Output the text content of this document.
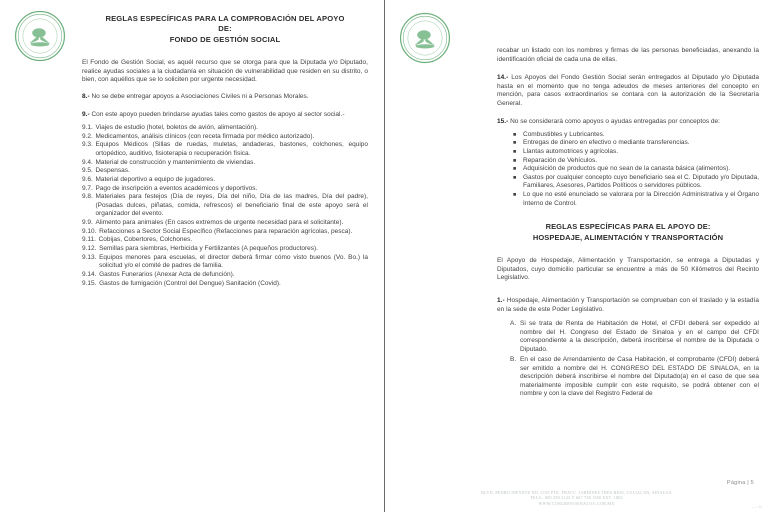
· · · · · · · ·
· · · · · · · ·
REGLAS ESPECÍFICAS PARA LA COMPROBACIÓN DEL APOYO
DE:
FONDO DE GESTIÓN SOCIAL

El Fondo de Gestión Social, es aquél recurso que se otorga para que la Diputada y/o Diputado, realice ayudas sociales a la ciudadanía en situación de vulnerabilidad que residen en su distrito, o bien, con aquéllos que se lo soliciten por urgente necesidad.

8.- No se debe entregar apoyos a Asociaciones Civiles ni a Personas Morales.

9.- Con este apoyo pueden brindarse ayudas tales como gastos de apoyo al sector social.-

9.1. Viajes de estudio (hotel, boletos de avión, alimentación).
9.2. Medicamentos, análisis clínicos (con receta firmada por médico autorizado).
9.3. Equipos Médicos (Sillas de ruedas, muletas, andaderas, bastones, colchones, equipo ortopédico, auditivo, fisioterapia o recuperación física.
9.4. Material de construcción y mantenimiento de viviendas.
9.5. Despensas.
9.6. Material deportivo a equipo de jugadores.
9.7. Pago de inscripción a eventos académicos y deportivos.
9.8. Materiales para festejos (Día de reyes, Día del niño, Día de las madres, Día del padre), (Posadas dulces, piñatas, comida, refrescos) el beneficiario final de este apoyo será el organizador del evento.
9.9. Alimento para animales (En casos extremos de urgente necesidad para el solicitante).
9.10. Refacciones a Sector Social Específico (Refacciones para reparación agrícolas, pesca).
9.11. Cobijas, Cobertores, Colchones.
9.12. Semillas para siembras, Herbicida y Fertilizantes (A pequeños productores).
9.13. Equipos menores para escuelas, el director deberá firmar cómo visto buenos (Vo. Bo.) la solicitud y/o el comité de padres de familia.
9.14. Gastos Funerarios (Anexar Acta de defunción).
9.15. Gastos de fumigación (Control del Dengue) Sanitación (Covid).
· · · · · · · ·
· · · · · · · ·

recabar un listado con los nombres y firmas de las personas beneficiadas, anexando la identificación oficial de cada una de ellas.

14.- Los Apoyos del Fondo Gestión Social serán entregados al Diputado y/o Diputada hasta en el momento que no tenga adeudos de meses anteriores del concepto en mención, para casos extraordinarios se contara con la autorización de la Secretaría General.

15.- No se considerará como apoyos o ayudas entregadas por conceptos de:

■	Combustibles y Lubricantes.
■	Entregas de dinero en efectivo o mediante transferencias.
■	Llantas automotrices y agrícolas.
■	Reparación de Vehículos.
■	Adquisición de productos que no sean de la canasta básica (alimentos).
■	Gastos por cualquier concepto cuyo beneficiario sea el C. Diputado y/o Diputada, Familiares, Asesores, Partidos Políticos o servidores públicos.
■	Lo que no esté enunciado se valorara por la Dirección Administrativa y el Órgano Interno de Control.
REGLAS ESPECÍFICAS PARA EL APOYO DE:
HOSPEDAJE, ALIMENTACIÓN Y TRANSPORTACIÓN

El Apoyo de Hospedaje, Alimentación y Transportación, se entrega a Diputadas y Diputados, cuyo domicilio particular se encuentre a más de 50 Kilómetros del Recinto Legislativo.

1.- Hospedaje, Alimentación y Transportación se comprueban con el traslado y la estadía en la sede de este Poder Legislativo.

A. Si se trata de Renta de Habitación de Hotel, el CFDI deberá ser expedido al nombre del H. Congreso del Estado de Sinaloa y en el campo del CFDI correspondiente a la descripción, deberá inscribirse el nombre de la Diputada o Diputado.
B. En el caso de Arrendamiento de Casa Habitación, el comprobante (CFDI) deberá ser emitido a nombre del H. CONGRESO DEL ESTADO DE SINALOA, en la descripción deberá inscribirse el nombre del Diputado(a) en el caso de que sea materialmente imposible cumplir con este requisito, se podrá obtener con el nombre y con la clave del Registro Federal de
Página | 5

BLVD. PEDRO INFANTE NO. 2135 PTE. FRACC. JARDINES TRES RIOS, CULIACÁN, SINALOA

TELS.: 800 290 2122 Y 667 758 1500 EXT. 1802

WWW.CONGRESOSINALOA.GOB.MX

— / 14
